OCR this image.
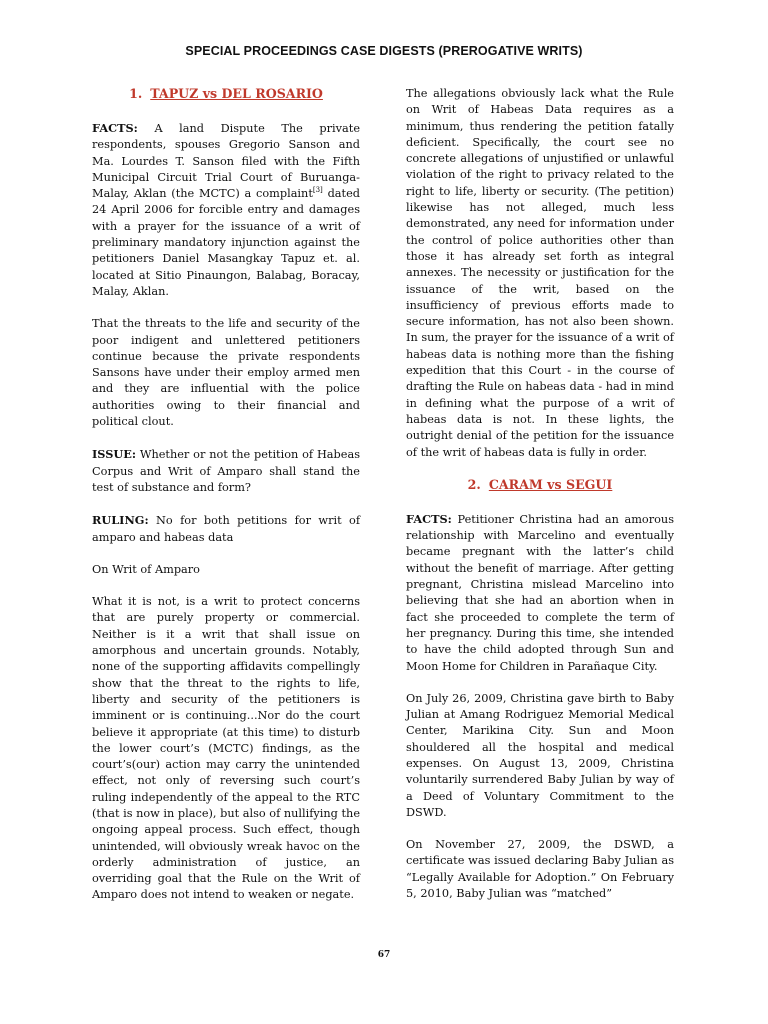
SPECIAL PROCEEDINGS CASE DIGESTS (PREROGATIVE WRITS)
1. TAPUZ vs DEL ROSARIO

FACTS: A land Dispute The private respondents, spouses Gregorio Sanson and Ma. Lourdes T. Sanson filed with the Fifth Municipal Circuit Trial Court of Buruanga-Malay, Aklan (the MCTC) a complaint[3] dated 24 April 2006 for forcible entry and damages with a prayer for the issuance of a writ of preliminary mandatory injunction against the petitioners Daniel Masangkay Tapuz et. al. located at Sitio Pinaungon, Balabag, Boracay, Malay, Aklan.

That the threats to the life and security of the poor indigent and unlettered petitioners continue because the private respondents Sansons have under their employ armed men and they are influential with the police authorities owing to their financial and political clout.

ISSUE: Whether or not the petition of Habeas Corpus and Writ of Amparo shall stand the test of substance and form?

RULING: No for both petitions for writ of amparo and habeas data

On Writ of Amparo

What it is not, is a writ to protect concerns that are purely property or commercial. Neither is it a writ that shall issue on amorphous and uncertain grounds. Notably, none of the supporting affidavits compellingly show that the threat to the rights to life, liberty and security of the petitioners is imminent or is continuing...Nor do the court believe it appropriate (at this time) to disturb the lower court’s (MCTC) findings, as the court’s(our) action may carry the unintended effect, not only of reversing such court’s ruling independently of the appeal to the RTC (that is now in place), but also of nullifying the ongoing appeal process. Such effect, though unintended, will obviously wreak havoc on the orderly administration of justice, an overriding goal that the Rule on the Writ of Amparo does not intend to weaken or negate.

The allegations obviously lack what the Rule on Writ of Habeas Data requires as a minimum, thus rendering the petition fatally deficient. Specifically, the court see no concrete allegations of unjustified or unlawful violation of the right to privacy related to the right to life, liberty or security. (The petition) likewise has not alleged, much less demonstrated, any need for information under the control of police authorities other than those it has already set forth as integral annexes. The necessity or justification for the issuance of the writ, based on the insufficiency of previous efforts made to secure information, has not also been shown. In sum, the prayer for the issuance of a writ of habeas data is nothing more than the fishing expedition that this Court - in the course of drafting the Rule on habeas data - had in mind in defining what the purpose of a writ of habeas data is not. In these lights, the outright denial of the petition for the issuance of the writ of habeas data is fully in order.

2. CARAM vs SEGUI

FACTS: Petitioner Christina had an amorous relationship with Marcelino and eventually became pregnant with the latter’s child without the benefit of marriage. After getting pregnant, Christina mislead Marcelino into believing that she had an abortion when in fact she proceeded to complete the term of her pregnancy. During this time, she intended to have the child adopted through Sun and Moon Home for Children in Parañaque City.

On July 26, 2009, Christina gave birth to Baby Julian at Amang Rodriguez Memorial Medical Center, Marikina City. Sun and Moon shouldered all the hospital and medical expenses. On August 13, 2009, Christina voluntarily surrendered Baby Julian by way of a Deed of Voluntary Commitment to the DSWD.

On November 27, 2009, the DSWD, a certificate was issued declaring Baby Julian as “Legally Available for Adoption.” On February 5, 2010, Baby Julian was “matched”

67
